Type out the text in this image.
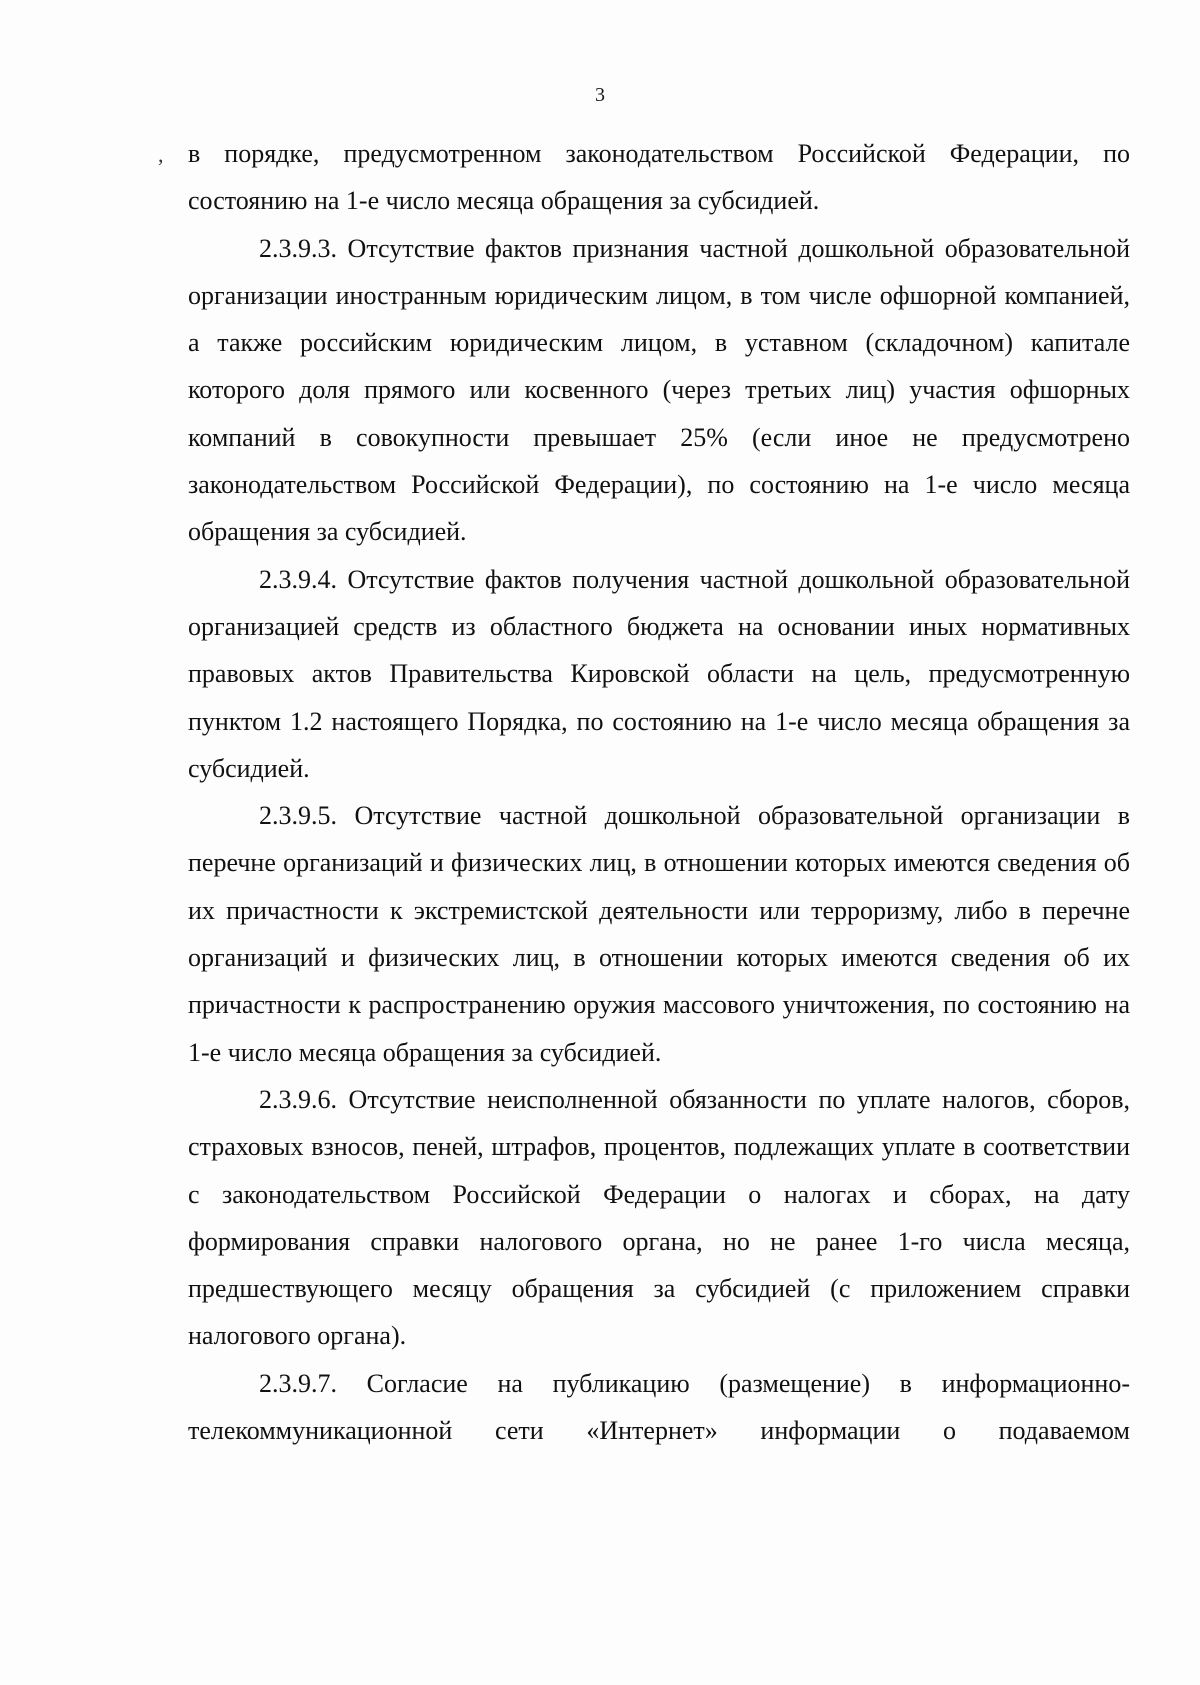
3
, в порядке, предусмотренном законодательством Российской Федерации, по состоянию на 1-е число месяца обращения за субсидией.

2.3.9.3. Отсутствие фактов признания частной дошкольной образовательной организации иностранным юридическим лицом, в том числе офшорной компанией, а также российским юридическим лицом, в уставном (складочном) капитале которого доля прямого или косвенного (через третьих лиц) участия офшорных компаний в совокупности превышает 25% (если иное не предусмотрено законодательством Российской Федерации), по состоянию на 1-е число месяца обращения за субсидией.

2.3.9.4. Отсутствие фактов получения частной дошкольной образовательной организацией средств из областного бюджета на основании иных нормативных правовых актов Правительства Кировской области на цель, предусмотренную пунктом 1.2 настоящего Порядка, по состоянию на 1-е число месяца обращения за субсидией.

2.3.9.5. Отсутствие частной дошкольной образовательной организации в перечне организаций и физических лиц, в отношении которых имеются сведения об их причастности к экстремистской деятельности или терроризму, либо в перечне организаций и физических лиц, в отношении которых имеются сведения об их причастности к распространению оружия массового уничтожения, по состоянию на 1-е число месяца обращения за субсидией.

2.3.9.6. Отсутствие неисполненной обязанности по уплате налогов, сборов, страховых взносов, пеней, штрафов, процентов, подлежащих уплате в соответствии с законодательством Российской Федерации о налогах и сборах, на дату формирования справки налогового органа, но не ранее 1-го числа месяца, предшествующего месяцу обращения за субсидией (с приложением справки налогового органа).

2.3.9.7. Согласие на публикацию (размещение) в информационно-телекоммуникационной сети «Интернет» информации о подаваемом
